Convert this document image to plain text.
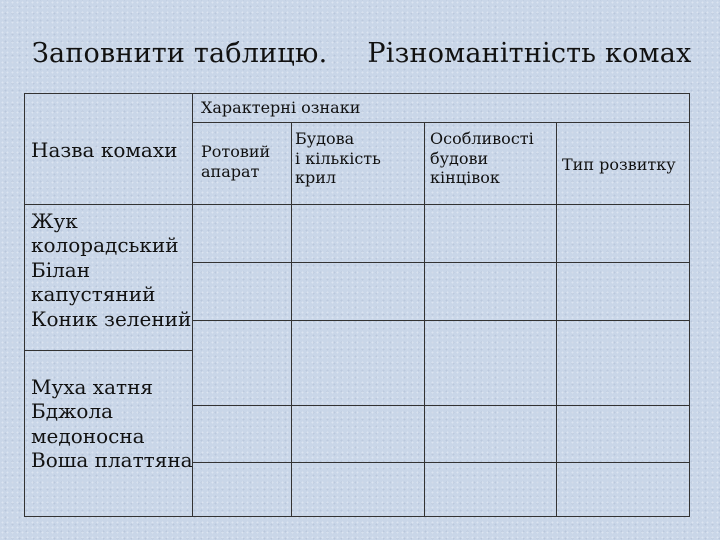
Заповнити таблицю. Різноманітність комах
Назва комахи
Характерні ознаки
Ротовий
апарат
Будова
і кількість
крил
Особливості
будови
кінцівок
Тип розвитку
Жук
колорадський
Білан
капустяний
Коник зелений
Муха хатня
Бджола
медоносна
Воша платтяна
